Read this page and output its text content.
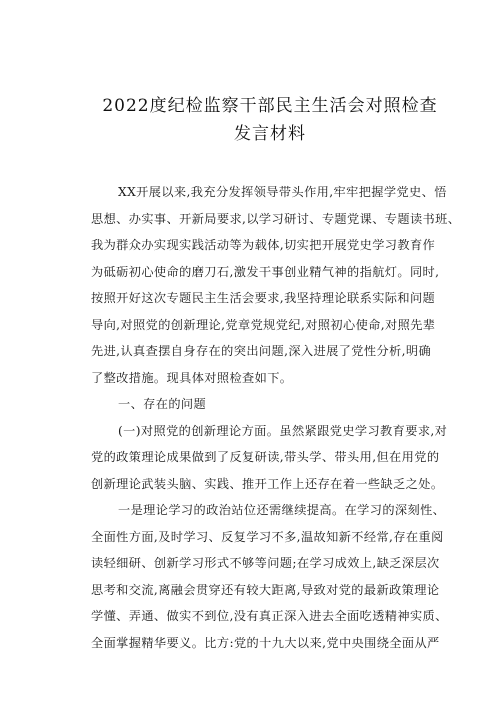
2022度纪检监察干部民主生活会对照检查
发言材料
XX开展以来,我充分发挥领导带头作用,牢牢把握学党史、悟
思想、办实事、开新局要求,以学习研讨、专题党课、专题读书班、
我为群众办实现实践活动等为载体,切实把开展党史学习教育作
为砥砺初心使命的磨刀石,激发干事创业精气神的指航灯。同时,
按照开好这次专题民主生活会要求,我坚持理论联系实际和问题
导向,对照党的创新理论,党章党规党纪,对照初心使命,对照先辈
先进,认真查摆自身存在的突出问题,深入进展了党性分析,明确
了整改措施。现具体对照检查如下。
一、存在的问题
(一)对照党的创新理论方面。虽然紧跟党史学习教育要求,对
党的政策理论成果做到了反复研读,带头学、带头用,但在用党的
创新理论武装头脑、实践、推开工作上还存在着一些缺乏之处。
一是理论学习的政治站位还需继续提高。在学习的深刻性、
全面性方面,及时学习、反复学习不多,温故知新不经常,存在重阅
读轻细研、创新学习形式不够等问题;在学习成效上,缺乏深层次
思考和交流,离融会贯穿还有较大距离,导致对党的最新政策理论
学懂、弄通、做实不到位,没有真正深入进去全面吃透精神实质、
全面掌握精华要义。比方:党的十九大以来,党中央围绕全面从严
